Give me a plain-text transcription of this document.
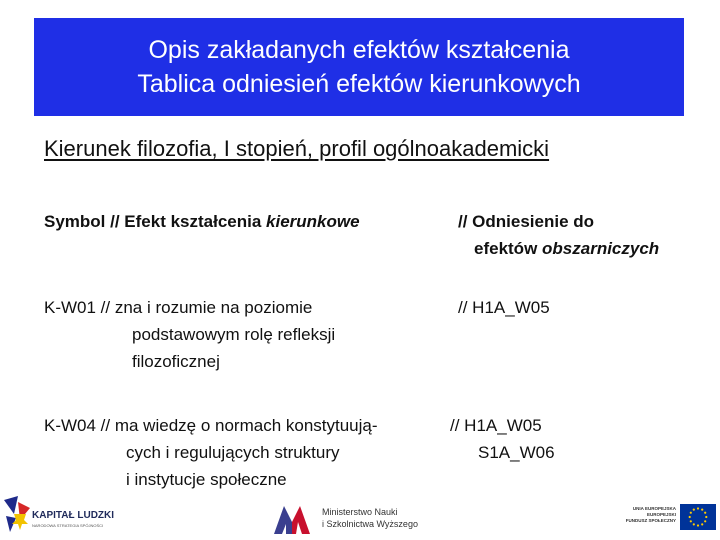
Opis zakładanych efektów kształcenia
Tablica odniesień efektów kierunkowych
Kierunek filozofia, I stopień, profil ogólnoakademicki
Symbol // Efekt kształcenia kierunkowe	// Odniesienie do
efektów obszarniczych
K-W01 // zna i rozumie na poziomie
podstawowym rolę refleksji
filozoficznej
// H1A_W05
K-W04 // ma wiedzę o normach konstytuują-
cych i regulujących struktury
i instytucje społeczne
// H1A_W05
S1A_W06
KAPITAŁ LUDZKI
NARODOWA STRATEGIA SPÓJNOŚCI
Ministerstwo Nauki
i Szkolnictwa Wyższego
UNIA EUROPEJSKA
EUROPEJSKI
FUNDUSZ SPOŁECZNY
